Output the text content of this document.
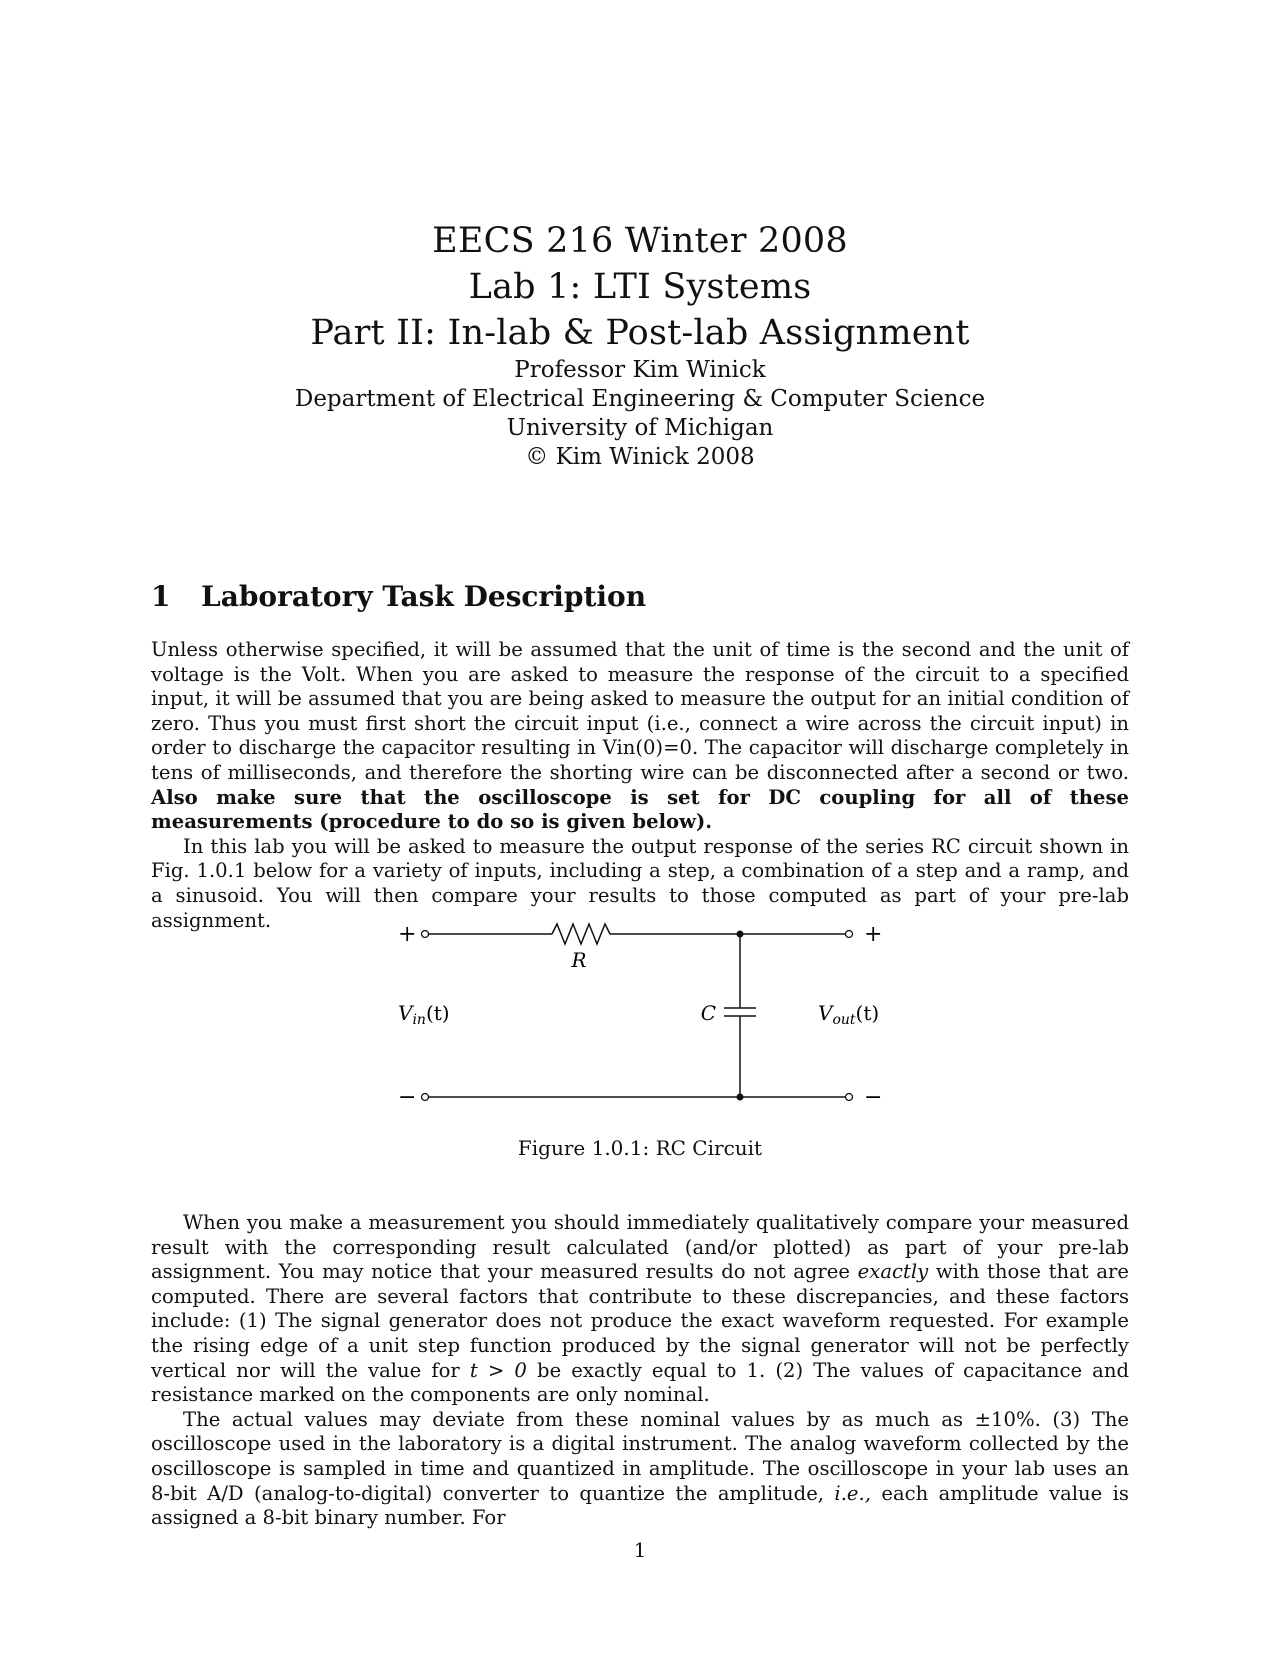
EECS 216 Winter 2008
Lab 1: LTI Systems
Part II: In-lab & Post-lab Assignment
Professor Kim Winick
Department of Electrical Engineering & Computer Science
University of Michigan
© Kim Winick 2008
1 Laboratory Task Description

Unless otherwise specified, it will be assumed that the unit of time is the second and the unit of voltage is the Volt. When you are asked to measure the response of the circuit to a specified input, it will be assumed that you are being asked to measure the output for an initial condition of zero. Thus you must first short the circuit input (i.e., connect a wire across the circuit input) in order to discharge the capacitor resulting in Vin(0)=0. The capacitor will discharge completely in tens of milliseconds, and therefore the shorting wire can be disconnected after a second or two. Also make sure that the oscilloscope is set for DC coupling for all of these measurements (procedure to do so is given below).

In this lab you will be asked to measure the output response of the series RC circuit shown in Fig. 1.0.1 below for a variety of inputs, including a step, a combination of a step and a ramp, and a sinusoid. You will then compare your results to those computed as part of your pre-lab assignment.

+	+
−	−
R
C
$V_{in}(t)$	$V_{out}(t)$
Figure 1.0.1: RC Circuit

When you make a measurement you should immediately qualitatively compare your measured result with the corresponding result calculated (and/or plotted) as part of your pre-lab assignment. You may notice that your measured results do not agree exactly with those that are computed. There are several factors that contribute to these discrepancies, and these factors include: (1) The signal generator does not produce the exact waveform requested. For example the rising edge of a unit step function produced by the signal generator will not be perfectly vertical nor will the value for t > 0 be exactly equal to 1. (2) The values of capacitance and resistance marked on the components are only nominal.

The actual values may deviate from these nominal values by as much as ±10%. (3) The oscilloscope used in the laboratory is a digital instrument. The analog waveform collected by the oscilloscope is sampled in time and quantized in amplitude. The oscilloscope in your lab uses an 8-bit A/D (analog-to-digital) converter to quantize the amplitude, i.e., each amplitude value is assigned a 8-bit binary number. For

1
